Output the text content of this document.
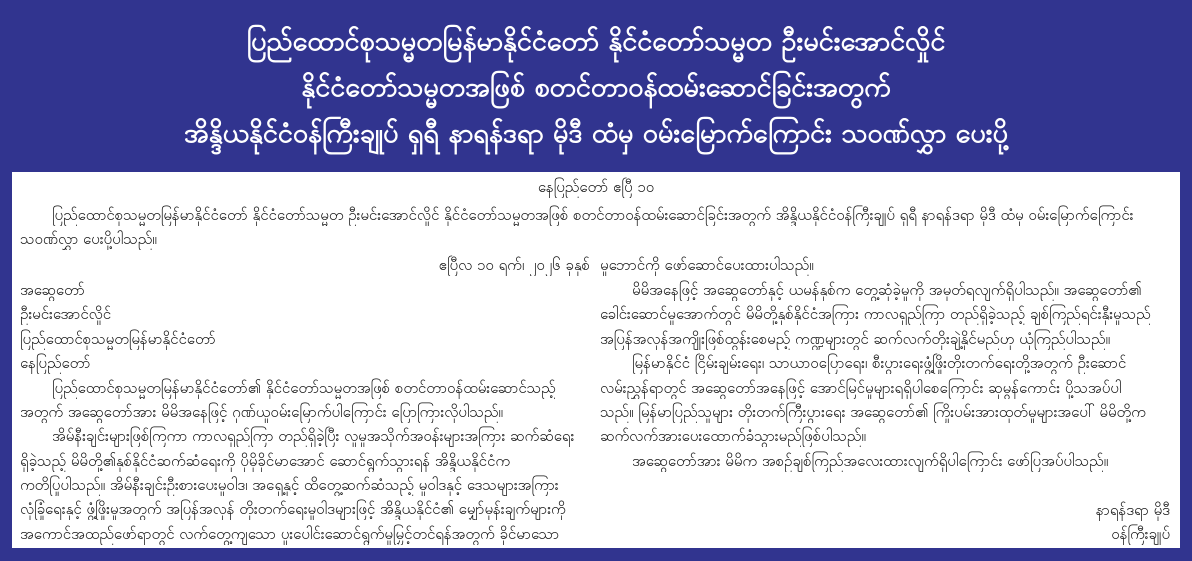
ပြည်ထောင်စုသမ္မတမြန်မာနိုင်ငံတော် နိုင်ငံတော်သမ္မတ ဦးမင်းအောင်လှိုင်
နိုင်ငံတော်သမ္မတအဖြစ် စတင်တာဝန်ထမ်းဆောင်ခြင်းအတွက်
အိန္ဒိယနိုင်ငံဝန်ကြီးချုပ် ရှရီ နာရန်ဒရာ မိုဒီ ထံမှ ဝမ်းမြောက်ကြောင်း သဝဏ်လွှာ ပေးပို့
နေပြည်တော် ဧပြီ ၁၀
ပြည်ထောင်စုသမ္မတမြန်မာနိုင်ငံတော် နိုင်ငံတော်သမ္မတ ဦးမင်းအောင်လှိုင် နိုင်ငံတော်သမ္မတအဖြစ် စတင်တာဝန်ထမ်းဆောင်ခြင်းအတွက် အိန္ဒိယနိုင်ငံဝန်ကြီးချုပ် ရှရီ နာရန်ဒရာ မိုဒီ ထံမှ ဝမ်းမြောက်ကြောင်း
သဝဏ်လွှာ ပေးပို့ပါသည်။
ဧပြီလ ၁၀ ရက်၊ ၂၀၂၆ ခုနှစ်
အဆွေတော်
ဦးမင်းအောင်လှိုင်
ပြည်ထောင်စုသမ္မတမြန်မာနိုင်ငံတော်
နေပြည်တော်
ပြည်ထောင်စုသမ္မတမြန်မာနိုင်ငံတော်၏ နိုင်ငံတော်သမ္မတအဖြစ် စတင်တာဝန်ထမ်းဆောင်သည့်
အတွက် အဆွေတော်အား မိမိအနေဖြင့် ဂုဏ်ယူဝမ်းမြောက်ပါကြောင်း ပြောကြားလိုပါသည်။
အိမ်နီးချင်းများဖြစ်ကြကာ ကာလရှည်ကြာ တည်ရှိခဲ့ပြီး လူမှုအသိုက်အဝန်းများအကြား ဆက်ဆံရေး
ရှိခဲ့သည့် မိမိတို့၏နှစ်နိုင်ငံဆက်ဆံရေးကို ပိုမိုခိုင်မာအောင် ဆောင်ရွက်သွားရန် အိန္ဒိယနိုင်ငံက
ကတိပြုပါသည်။ အိမ်နီးချင်းဦးစားပေးမူဝါဒ၊ အရှေ့နှင့် ထိတွေ့ဆက်ဆံသည့် မူဝါဒနှင့် ဒေသများအကြား
လုံခြုံရေးနှင့် ဖွံ့ဖြိုးမှုအတွက် အပြန်အလှန် တိုးတက်ရေးမူဝါဒများဖြင့် အိန္ဒိယနိုင်ငံ၏ မျှော်မှန်းချက်များကို
အကောင်အထည်ဖော်ရာတွင် လက်တွေ့ကျသော ပူးပေါင်းဆောင်ရွက်မှုမြှင့်တင်ရန်အတွက် ခိုင်မာသော
မူဘောင်ကို ဖော်ဆောင်ပေးထားပါသည်။
မိမိအနေဖြင့် အဆွေတော်နှင့် ယမန်နှစ်က တွေ့ဆုံခဲ့မှုကို အမှတ်ရလျက်ရှိပါသည်။ အဆွေတော်၏
ခေါင်းဆောင်မှုအောက်တွင် မိမိတို့နှစ်နိုင်ငံအကြား ကာလရှည်ကြာ တည်ရှိခဲ့သည့် ချစ်ကြည်ရင်းနှီးမှုသည်
အပြန်အလှန်အကျိုးဖြစ်ထွန်းစေမည့် ကဏ္ဍများတွင် ဆက်လက်တိုးချဲ့နိုင်မည်ဟု ယုံကြည်ပါသည်။
မြန်မာနိုင်ငံ ငြိမ်းချမ်းရေး၊ သာယာဝပြောရေး၊ စီးပွားရေးဖွံ့ဖြိုးတိုးတက်ရေးတို့အတွက် ဦးဆောင်
လမ်းညွှန်ရာတွင် အဆွေတော်အနေဖြင့် အောင်မြင်မှုများရရှိပါစေကြောင်း ဆုမွန်ကောင်း ပို့သအပ်ပါ
သည်။ မြန်မာပြည်သူများ တိုးတက်ကြီးပွားရေး အဆွေတော်၏ ကြိုးပမ်းအားထုတ်မှုများအပေါ် မိမိတို့က
ဆက်လက်အားပေးထောက်ခံသွားမည်ဖြစ်ပါသည်။
အဆွေတော်အား မိမိက အစဉ်ချစ်ကြည်အလေးထားလျက်ရှိပါကြောင်း ဖော်ပြအပ်ပါသည်။
နာရန်ဒရာ မိုဒီ
ဝန်ကြီးချုပ်
